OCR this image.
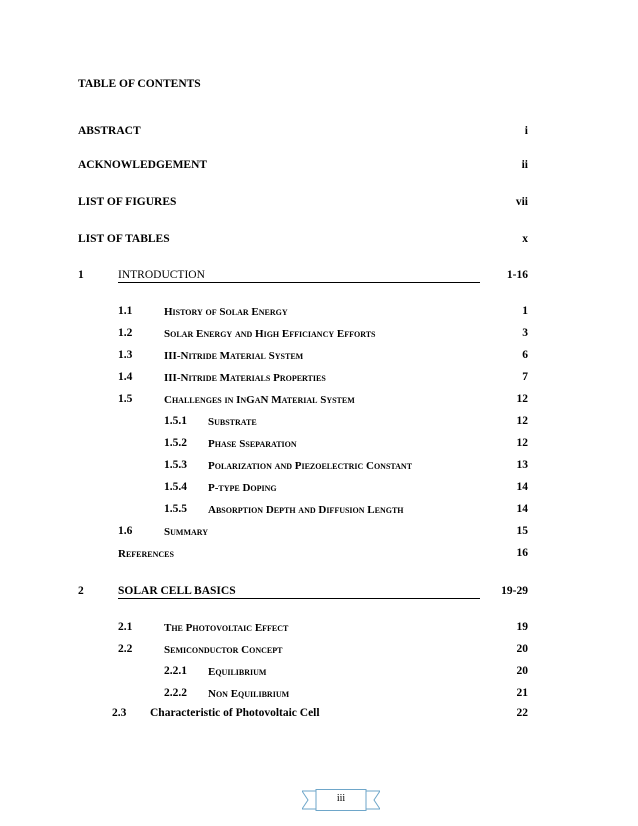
TABLE OF CONTENTS
ABSTRACT	i
ACKNOWLEDGEMENT	ii
LIST OF FIGURES	vii
LIST OF TABLES	x
1	INTRODUCTION	1-16
1.1	History of Solar Energy	1
1.2	Solar Energy and High Efficiancy Efforts	3
1.3	III-Nitride Material System	6
1.4	III-Nitride Materials Properties	7
1.5	Challenges in InGaN Material System	12
1.5.1 Substrate	12
1.5.2 Phase Sseparation	12
1.5.3 Polarization and Piezoelectric Constant	13
1.5.4 P-type Doping	14
1.5.5 Absorption Depth and Diffusion Length	14
1.6	Summary	15
References	16
2	SOLAR CELL BASICS	19-29
2.1	The Photovoltaic Effect	19
2.2	Semiconductor Concept	20
2.2.1 Equilibrium	20
2.2.2 Non Equilibrium	21
2.3 Characteristic of Photovoltaic Cell	22
iii
